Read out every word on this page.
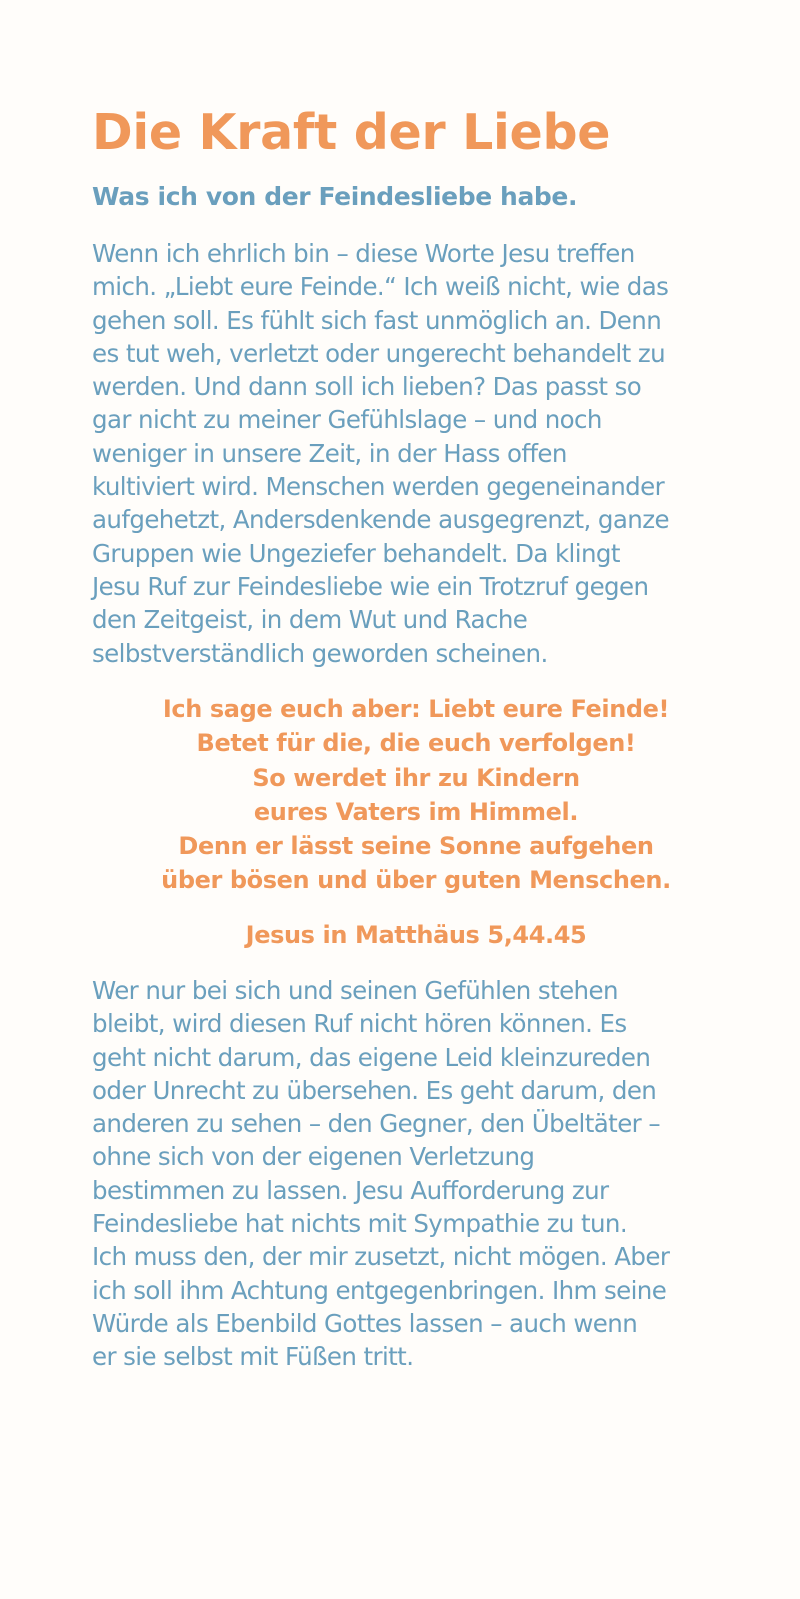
Die Kraft der Liebe
Was ich von der Feindesliebe habe.

Wenn ich ehrlich bin – diese Worte Jesu treffen
mich. „Liebt eure Feinde.“ Ich weiß nicht, wie das
gehen soll. Es fühlt sich fast unmöglich an. Denn
es tut weh, verletzt oder ungerecht behandelt zu
werden. Und dann soll ich lieben? Das passt so
gar nicht zu meiner Gefühlslage – und noch
weniger in unsere Zeit, in der Hass offen
kultiviert wird. Menschen werden gegeneinander
aufgehetzt, Andersdenkende ausgegrenzt, ganze
Gruppen wie Ungeziefer behandelt. Da klingt
Jesu Ruf zur Feindesliebe wie ein Trotzruf gegen
den Zeitgeist, in dem Wut und Rache
selbstverständlich geworden scheinen.

Ich sage euch aber: Liebt eure Feinde!
Betet für die, die euch verfolgen!
So werdet ihr zu Kindern
eures Vaters im Himmel.
Denn er lässt seine Sonne aufgehen
über bösen und über guten Menschen.

Jesus in Matthäus 5,44.45

Wer nur bei sich und seinen Gefühlen stehen
bleibt, wird diesen Ruf nicht hören können. Es
geht nicht darum, das eigene Leid kleinzureden
oder Unrecht zu übersehen. Es geht darum, den
anderen zu sehen – den Gegner, den Übeltäter –
ohne sich von der eigenen Verletzung
bestimmen zu lassen. Jesu Aufforderung zur
Feindesliebe hat nichts mit Sympathie zu tun.
Ich muss den, der mir zusetzt, nicht mögen. Aber
ich soll ihm Achtung entgegenbringen. Ihm seine
Würde als Ebenbild Gottes lassen – auch wenn
er sie selbst mit Füßen tritt.
